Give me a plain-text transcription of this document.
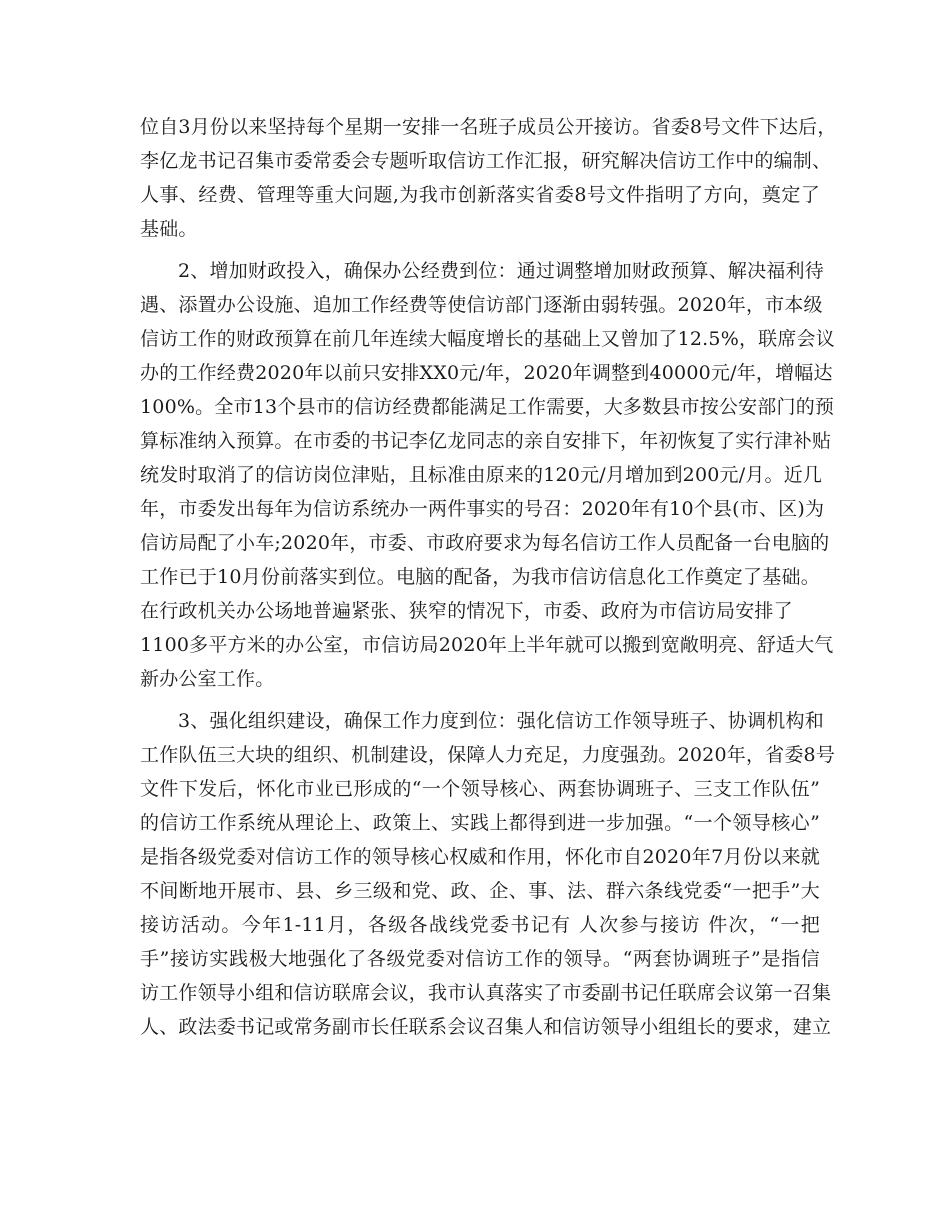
位自3月份以来坚持每个星期一安排一名班子成员公开接访。省委8号文件下达后，
李亿龙书记召集市委常委会专题听取信访工作汇报，研究解决信访工作中的编制、
人事、经费、管理等重大问题,为我市创新落实省委8号文件指明了方向，奠定了
基础。
2、增加财政投入，确保办公经费到位：通过调整增加财政预算、解决福利待
遇、添置办公设施、追加工作经费等使信访部门逐渐由弱转强。2020年，市本级
信访工作的财政预算在前几年连续大幅度增长的基础上又曾加了12.5%，联席会议
办的工作经费2020年以前只安排XX0元/年，2020年调整到40000元/年，增幅达
100%。全市13个县市的信访经费都能满足工作需要，大多数县市按公安部门的预
算标准纳入预算。在市委的书记李亿龙同志的亲自安排下，年初恢复了实行津补贴
统发时取消了的信访岗位津贴，且标准由原来的120元/月增加到200元/月。近几
年，市委发出每年为信访系统办一两件事实的号召：2020年有10个县(市、区)为
信访局配了小车;2020年，市委、市政府要求为每名信访工作人员配备一台电脑的
工作已于10月份前落实到位。电脑的配备，为我市信访信息化工作奠定了基础。
在行政机关办公场地普遍紧张、狭窄的情况下，市委、政府为市信访局安排了
1100多平方米的办公室，市信访局2020年上半年就可以搬到宽敞明亮、舒适大气
新办公室工作。
3、强化组织建设，确保工作力度到位：强化信访工作领导班子、协调机构和
工作队伍三大块的组织、机制建设，保障人力充足，力度强劲。2020年，省委8号
文件下发后，怀化市业已形成的“一个领导核心、两套协调班子、三支工作队伍”
的信访工作系统从理论上、政策上、实践上都得到进一步加强。“一个领导核心”
是指各级党委对信访工作的领导核心权威和作用，怀化市自2020年7月份以来就
不间断地开展市、县、乡三级和党、政、企、事、法、群六条线党委“一把手”大
接访活动。今年1-11月，各级各战线党委书记有 人次参与接访 件次，“一把
手”接访实践极大地强化了各级党委对信访工作的领导。“两套协调班子”是指信
访工作领导小组和信访联席会议，我市认真落实了市委副书记任联席会议第一召集
人、政法委书记或常务副市长任联系会议召集人和信访领导小组组长的要求，建立
